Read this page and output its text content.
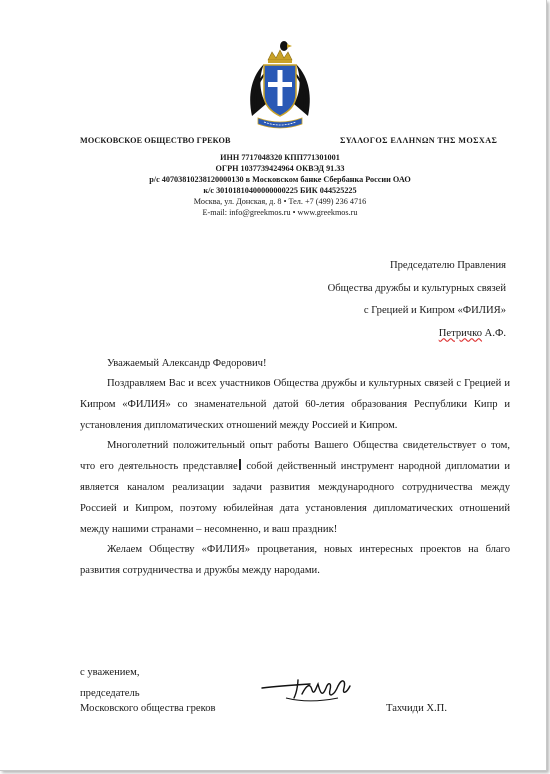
МОСКОВСКОЕ ОБЩЕСТВО ГРЕКОВ	ΣΥΛΛΟΓΟΣ ΕΛΛΗΝΩΝ ΤΗΣ ΜΟΣΧΑΣ
ИНН 7717048320 КПП771301001
ОГРН 1037739424964 ОКВЭД 91.33
р/с 40703810238120000130 в Московском банке Сбербанка России ОАО
к/с 30101810400000000225 БИК 044525225
Москва, ул. Донская, д. 8 • Тел. +7 (499) 236 4716
E-mail: info@greekmos.ru • www.greekmos.ru
Председателю Правления
Общества дружбы и культурных связей
с Грецией и Кипром «ФИЛИЯ»
Петричко А.Ф.
Уважаемый Александр Федорович!

Поздравляем Вас и всех участников Общества дружбы и культурных связей с Грецией и Кипром «ФИЛИЯ» со знаменательной датой 60-летия образования Республики Кипр и установления дипломатических отношений между Россией и Кипром.

Многолетний положительный опыт работы Вашего Общества свидетельствует о том, что его деятельность представляе собой действенный инструмент народной дипломатии и является каналом реализации задачи развития международного сотрудничества между Россией и Кипром, поэтому юбилейная дата установления дипломатических отношений между нашими странами – несомненно, и ваш праздник!

Желаем Обществу «ФИЛИЯ» процветания, новых интересных проектов на благо развития сотрудничества и дружбы между народами.

с уважением,
председатель
Московского общества греков	Тахчиди Х.П.
